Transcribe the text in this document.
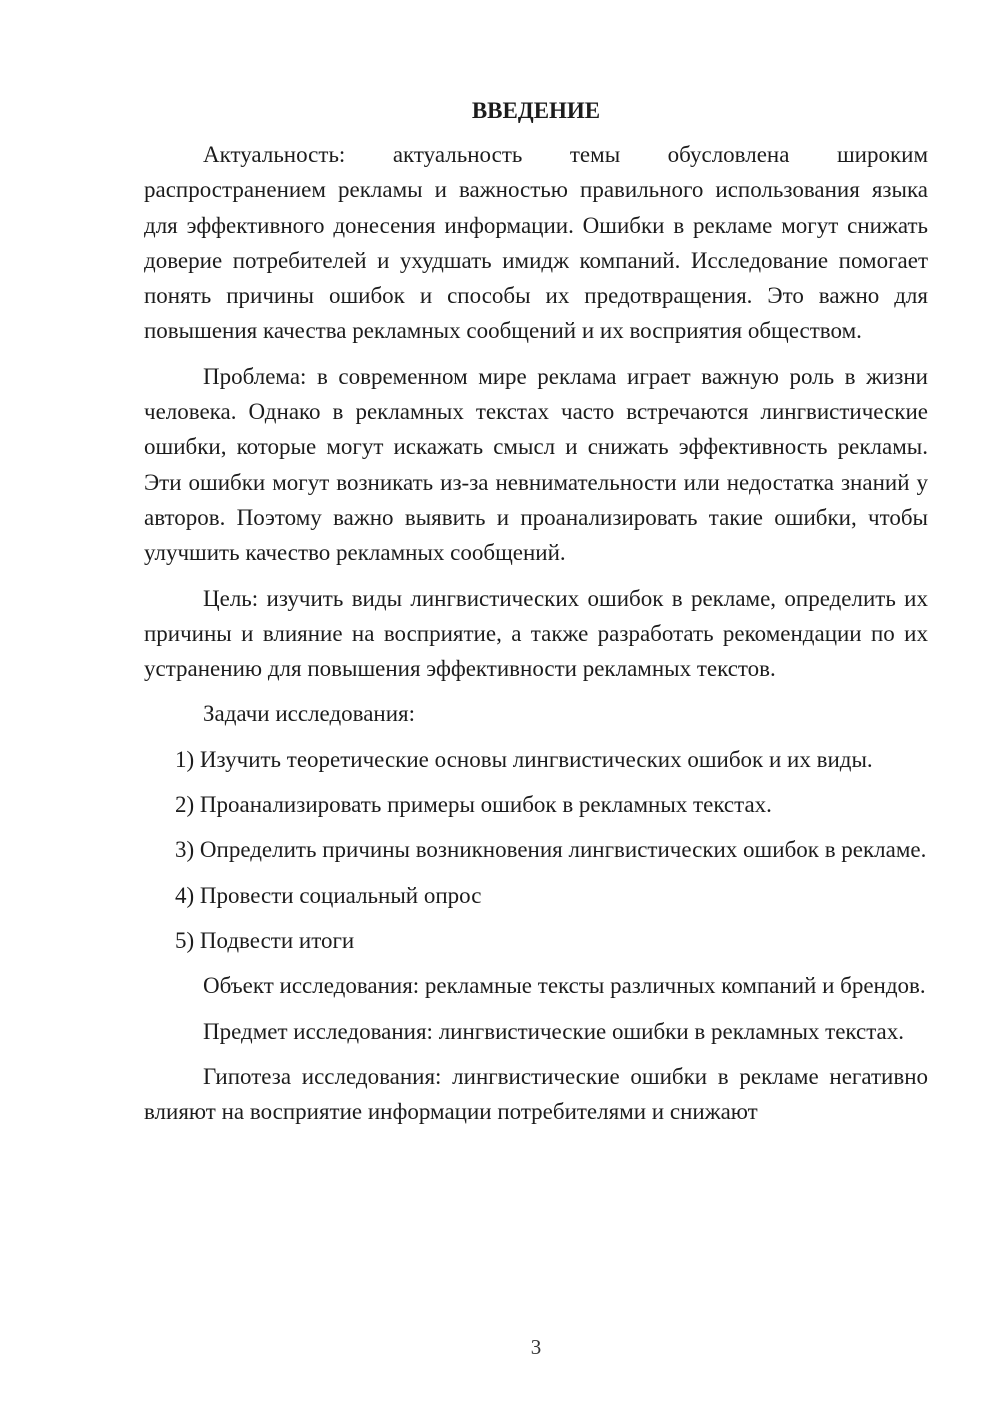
ВВЕДЕНИЕ

Актуальность: актуальность темы обусловлена широким распространением рекламы и важностью правильного использования языка для эффективного донесения информации. Ошибки в рекламе могут снижать доверие потребителей и ухудшать имидж компаний. Исследование помогает понять причины ошибок и способы их предотвращения. Это важно для повышения качества рекламных сообщений и их восприятия обществом.

Проблема: в современном мире реклама играет важную роль в жизни человека. Однако в рекламных текстах часто встречаются лингвистические ошибки, которые могут искажать смысл и снижать эффективность рекламы. Эти ошибки могут возникать из-за невнимательности или недостатка знаний у авторов. Поэтому важно выявить и проанализировать такие ошибки, чтобы улучшить качество рекламных сообщений.

Цель: изучить виды лингвистических ошибок в рекламе, определить их причины и влияние на восприятие, а также разработать рекомендации по их устранению для повышения эффективности рекламных текстов.

Задачи исследования:

1) Изучить теоретические основы лингвистических ошибок и их виды.

2) Проанализировать примеры ошибок в рекламных текстах.

3) Определить причины возникновения лингвистических ошибок в рекламе.

4) Провести социальный опрос

5) Подвести итоги

Объект исследования: рекламные тексты различных компаний и брендов.

Предмет исследования: лингвистические ошибки в рекламных текстах.

Гипотеза исследования: лингвистические ошибки в рекламе негативно влияют на восприятие информации потребителями и снижают

3
